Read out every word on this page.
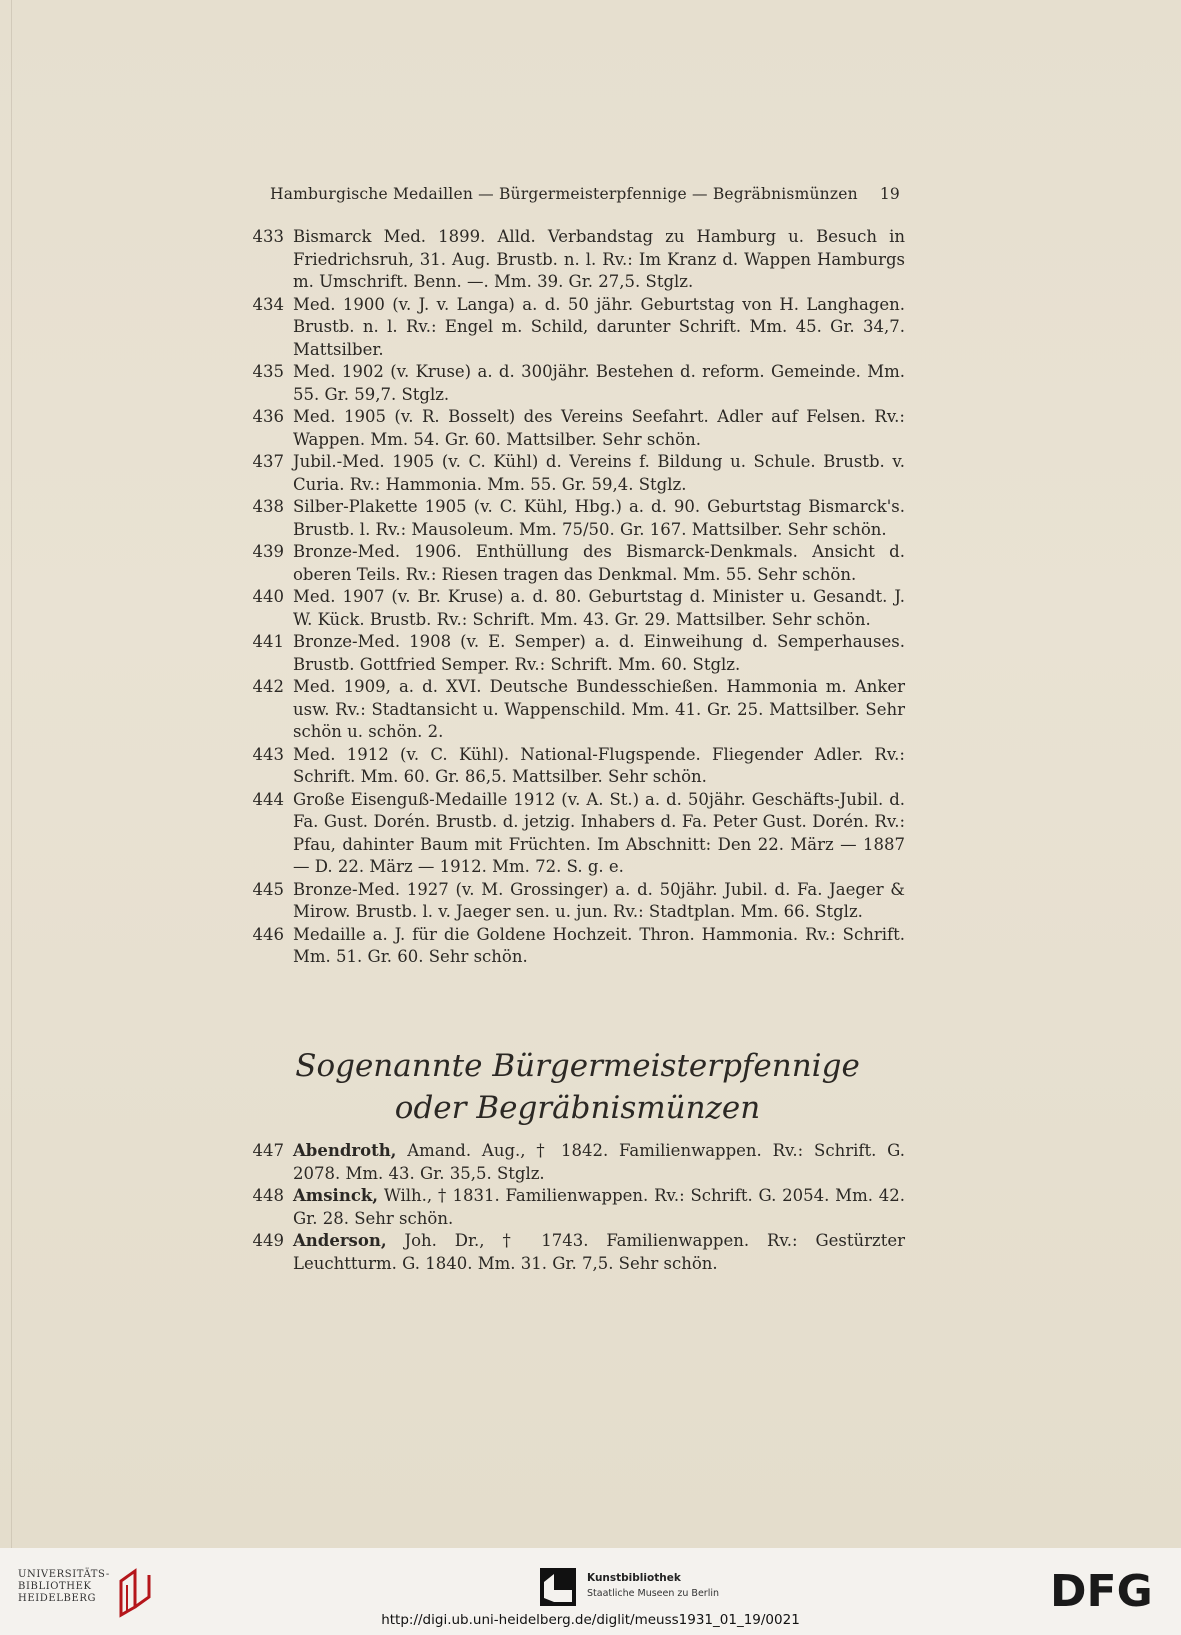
Hamburgische Medaillen — Bürgermeisterpfennige — Begräbnismünzen 19
433 Bismarck Med. 1899. Alld. Verbandstag zu Hamburg u. Besuch in Friedrichsruh, 31. Aug. Brustb. n. l. Rv.: Im Kranz d. Wappen Hamburgs m. Umschrift. Benn. —. Mm. 39. Gr. 27,5. Stglz.
434 Med. 1900 (v. J. v. Langa) a. d. 50 jähr. Geburtstag von H. Langhagen. Brustb. n. l. Rv.: Engel m. Schild, darunter Schrift. Mm. 45. Gr. 34,7. Mattsilber.
435 Med. 1902 (v. Kruse) a. d. 300jähr. Bestehen d. reform. Gemeinde. Mm. 55. Gr. 59,7. Stglz.
436 Med. 1905 (v. R. Bosselt) des Vereins Seefahrt. Adler auf Felsen. Rv.: Wappen. Mm. 54. Gr. 60. Mattsilber. Sehr schön.
437 Jubil.-Med. 1905 (v. C. Kühl) d. Vereins f. Bildung u. Schule. Brustb. v. Curia. Rv.: Hammonia. Mm. 55. Gr. 59,4. Stglz.
438 Silber-Plakette 1905 (v. C. Kühl, Hbg.) a. d. 90. Geburtstag Bismarck's. Brustb. l. Rv.: Mausoleum. Mm. 75/50. Gr. 167. Mattsilber. Sehr schön.
439 Bronze-Med. 1906. Enthüllung des Bismarck-Denkmals. Ansicht d. oberen Teils. Rv.: Riesen tragen das Denkmal. Mm. 55. Sehr schön.
440 Med. 1907 (v. Br. Kruse) a. d. 80. Geburtstag d. Minister u. Gesandt. J. W. Kück. Brustb. Rv.: Schrift. Mm. 43. Gr. 29. Mattsilber. Sehr schön.
441 Bronze-Med. 1908 (v. E. Semper) a. d. Einweihung d. Semperhauses. Brustb. Gottfried Semper. Rv.: Schrift. Mm. 60. Stglz.
442 Med. 1909, a. d. XVI. Deutsche Bundesschießen. Hammonia m. Anker usw. Rv.: Stadtansicht u. Wappenschild. Mm. 41. Gr. 25. Mattsilber. Sehr schön u. schön. 2.
443 Med. 1912 (v. C. Kühl). National-Flugspende. Fliegender Adler. Rv.: Schrift. Mm. 60. Gr. 86,5. Mattsilber. Sehr schön.
444 Große Eisenguß-Medaille 1912 (v. A. St.) a. d. 50jähr. Geschäfts-Jubil. d. Fa. Gust. Dorén. Brustb. d. jetzig. Inhabers d. Fa. Peter Gust. Dorén. Rv.: Pfau, dahinter Baum mit Früchten. Im Abschnitt: Den 22. März — 1887 — D. 22. März — 1912. Mm. 72. S. g. e.
445 Bronze-Med. 1927 (v. M. Grossinger) a. d. 50jähr. Jubil. d. Fa. Jaeger & Mirow. Brustb. l. v. Jaeger sen. u. jun. Rv.: Stadtplan. Mm. 66. Stglz.
446 Medaille a. J. für die Goldene Hochzeit. Thron. Hammonia. Rv.: Schrift. Mm. 51. Gr. 60. Sehr schön.
Sogenannte Bürgermeisterpfennige
oder Begräbnismünzen
447 Abendroth, Amand. Aug., † 1842. Familienwappen. Rv.: Schrift. G. 2078. Mm. 43. Gr. 35,5. Stglz.
448 Amsinck, Wilh., † 1831. Familienwappen. Rv.: Schrift. G. 2054. Mm. 42. Gr. 28. Sehr schön.
449 Anderson, Joh. Dr., † 1743. Familienwappen. Rv.: Gestürzter Leuchtturm. G. 1840. Mm. 31. Gr. 7,5. Sehr schön.
UNIVERSITÄTS-
BIBLIOTHEK
HEIDELBERG
Kunstbibliothek
Staatliche Museen zu Berlin	DFG
http://digi.ub.uni-heidelberg.de/diglit/meuss1931_01_19/0021
